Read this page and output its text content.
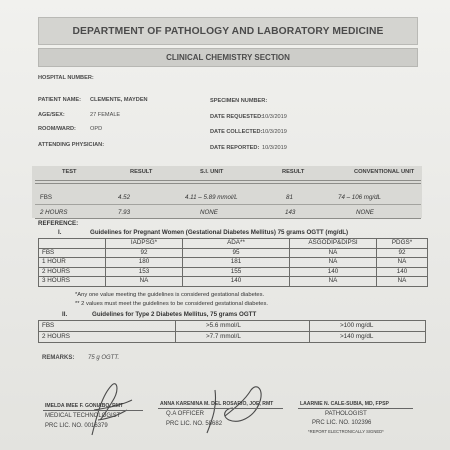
DEPARTMENT OF PATHOLOGY AND LABORATORY MEDICINE
CLINICAL CHEMISTRY SECTION
HOSPITAL NUMBER:
PATIENT NAME: CLEMENTE, MAYDEN	SPECIMEN NUMBER:
AGE/SEX:	27 FEMALE	DATE REQUESTED:
10/3/2019
ROOM/WARD:	OPD	DATE COLLECTED: 10/3/2019
ATTENDING PHYSICIAN:	DATE REPORTED: 10/3/2019
TEST	RESULT	S.I. UNIT	RESULT	CONVENTIONAL UNIT
FBS	4.52	4.11 – 5.89 mmol/L	81	74 – 106 mg/dL
2 HOURS	7.93	NONE	143	NONE
REFERENCE:
I.	Guidelines for Pregnant Women (Gestational Diabetes Mellitus) 75 grams OGTT (mg/dL)
	IADPSG*	ADA**	ASGODIP&DIPSI	PDGS*
FBS	92	95	NA	92
1 HOUR	180	181	NA	NA
2 HOURS	153	155	140	140
3 HOURS	NA	140	NA	NA
*Any one value meeting the guidelines is considered gestational diabetes.
** 2 values must meet the guidelines to be considered gestational diabetes.
II.	Guidelines for Type 2 Diabetes Mellitus, 75 grams OGTT
FBS	>5.6 mmol/L	>100 mg/dL
2 HOURS	>7.7 mmol/L	>140 mg/dL
REMARKS: 75 g OGTT.
IMELDA IMEE F. GONIABO, RMT
MEDICAL TECHNOLOGIST
PRC LIC. NO. 0016379
ANNA KARENINA M. DEL ROSARIO, JOE, RMT
Q.A OFFICER
PRC LIC. NO. 58682
LAARNIE N. CALE-SUBIA, MD, FPSP
PATHOLOGIST
PRC LIC. NO. 102396
*REPORT ELECTRONICALLY SIGNED*
